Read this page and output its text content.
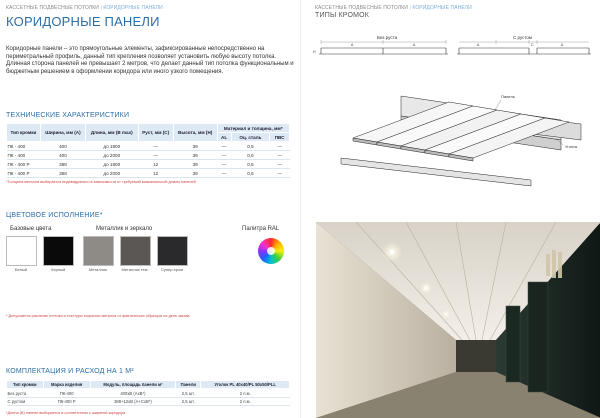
КАССЕТНЫЕ ПОДВЕСНЫЕ ПОТОЛКИ | КОРИДОРНЫЕ ПАНЕЛИ
КОРИДОРНЫЕ ПАНЕЛИ
Коридорные панели – это прямоугольные элементы, зафиксированные непосредственно на периметральный профиль, данный тип крепления позволяет установить любую высоту потолка. Длинная сторона панелей не превышает 2 метров, что делает данный тип потолка функциональным и бюджетным решением в оформлении коридора или иного узкого помещения.
ТЕХНИЧЕСКИЕ ХАРАКТЕРИСТИКИ
Тип кромки	Ширина, мм (A)	Длина, мм (B max)	Руст, мм (C)	Высота, мм (H)	Материал и толщина, мм*		
					AL	Оц. сталь	ПВС
ПК - 400	400	до 1800	—	39	—	0,5	—
ПК - 400	400	до 2000	—	39	—	0,6	—
ПК - 400 Р	388	до 1800	12	39	—	0,5	—
ПК - 400 Р	388	до 2000	12	39	—	0,6	—
*Толщина металла выбирается индивидуально в зависимости от требуемой максимальной длины панелей
ЦВЕТОВОЕ ИСПОЛНЕНИЕ*
Базовые цвета	Металлик и зеркало	Палитра RAL
Белый	Черный	Металлик	Металлик тем.	Супер-хром
* Допускается различие оттенка и текстуры покрытия металла от фактических образцов на день заказа
КОМПЛЕКТАЦИЯ И РАСХОД НА 1 М²
Тип кромки	Марка изделия	Модуль, площадь панели м²	Панели	Уголок PL 40х40/PL 50х50/PLL
Без руста	ПК-400	400хB (АхВ*)	2,5 шт.	2 п.м.
С рустом	ПК-400 Р	388+12хB (А+СхВ*)	2,5 шт.	2 п.м.
*Длина (B) панели выбирается в соответствии с шириной коридора
КАССЕТНЫЕ ПОДВЕСНЫЕ ПОТОЛКИ | КОРИДОРНЫЕ ПАНЕЛИ
ТИПЫ КРОМОК
Без руста	С рустом
A	A	A	C	A
H
Панель
Уголок
